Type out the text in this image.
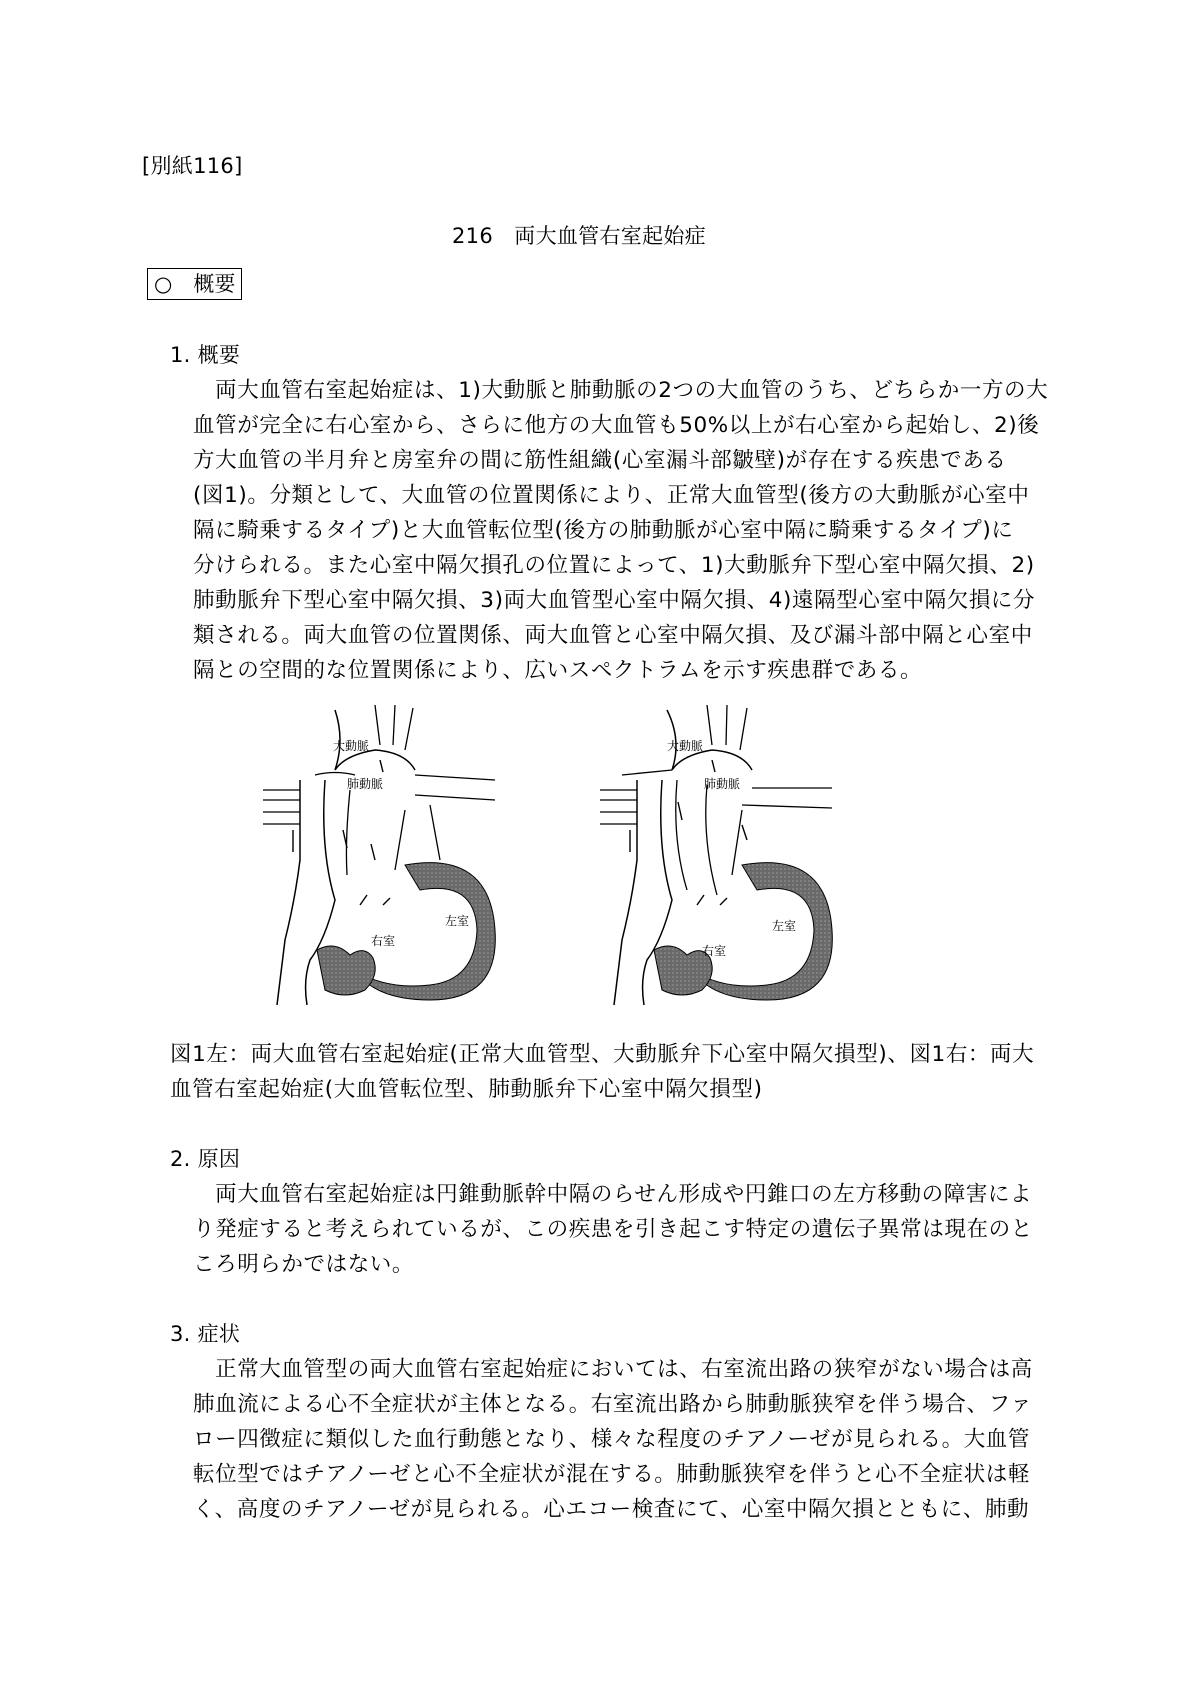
[別紙116]
216　両大血管右室起始症
○　概要
1. 概要
　両大血管右室起始症は、1)大動脈と肺動脈の2つの大血管のうち、どちらか一方の大
血管が完全に右心室から、さらに他方の大血管も50%以上が右心室から起始し、2)後
方大血管の半月弁と房室弁の間に筋性組織(心室漏斗部皺壁)が存在する疾患である
(図1)。分類として、大血管の位置関係により、正常大血管型(後方の大動脈が心室中
隔に騎乗するタイプ)と大血管転位型(後方の肺動脈が心室中隔に騎乗するタイプ)に
分けられる。また心室中隔欠損孔の位置によって、1)大動脈弁下型心室中隔欠損、2)
肺動脈弁下型心室中隔欠損、3)両大血管型心室中隔欠損、4)遠隔型心室中隔欠損に分
類される。両大血管の位置関係、両大血管と心室中隔欠損、及び漏斗部中隔と心室中
隔との空間的な位置関係により、広いスペクトラムを示す疾患群である。
大動脈
肺動脈
左室
右室
大動脈
肺動脈
左室
右室
図1左：両大血管右室起始症(正常大血管型、大動脈弁下心室中隔欠損型)、図1右：両大
血管右室起始症(大血管転位型、肺動脈弁下心室中隔欠損型)
2. 原因
　両大血管右室起始症は円錐動脈幹中隔のらせん形成や円錐口の左方移動の障害によ
り発症すると考えられているが、この疾患を引き起こす特定の遺伝子異常は現在のと
ころ明らかではない。
3. 症状
　正常大血管型の両大血管右室起始症においては、右室流出路の狭窄がない場合は高
肺血流による心不全症状が主体となる。右室流出路から肺動脈狭窄を伴う場合、ファ
ロー四徴症に類似した血行動態となり、様々な程度のチアノーゼが見られる。大血管
転位型ではチアノーゼと心不全症状が混在する。肺動脈狭窄を伴うと心不全症状は軽
く、高度のチアノーゼが見られる。心エコー検査にて、心室中隔欠損とともに、肺動
